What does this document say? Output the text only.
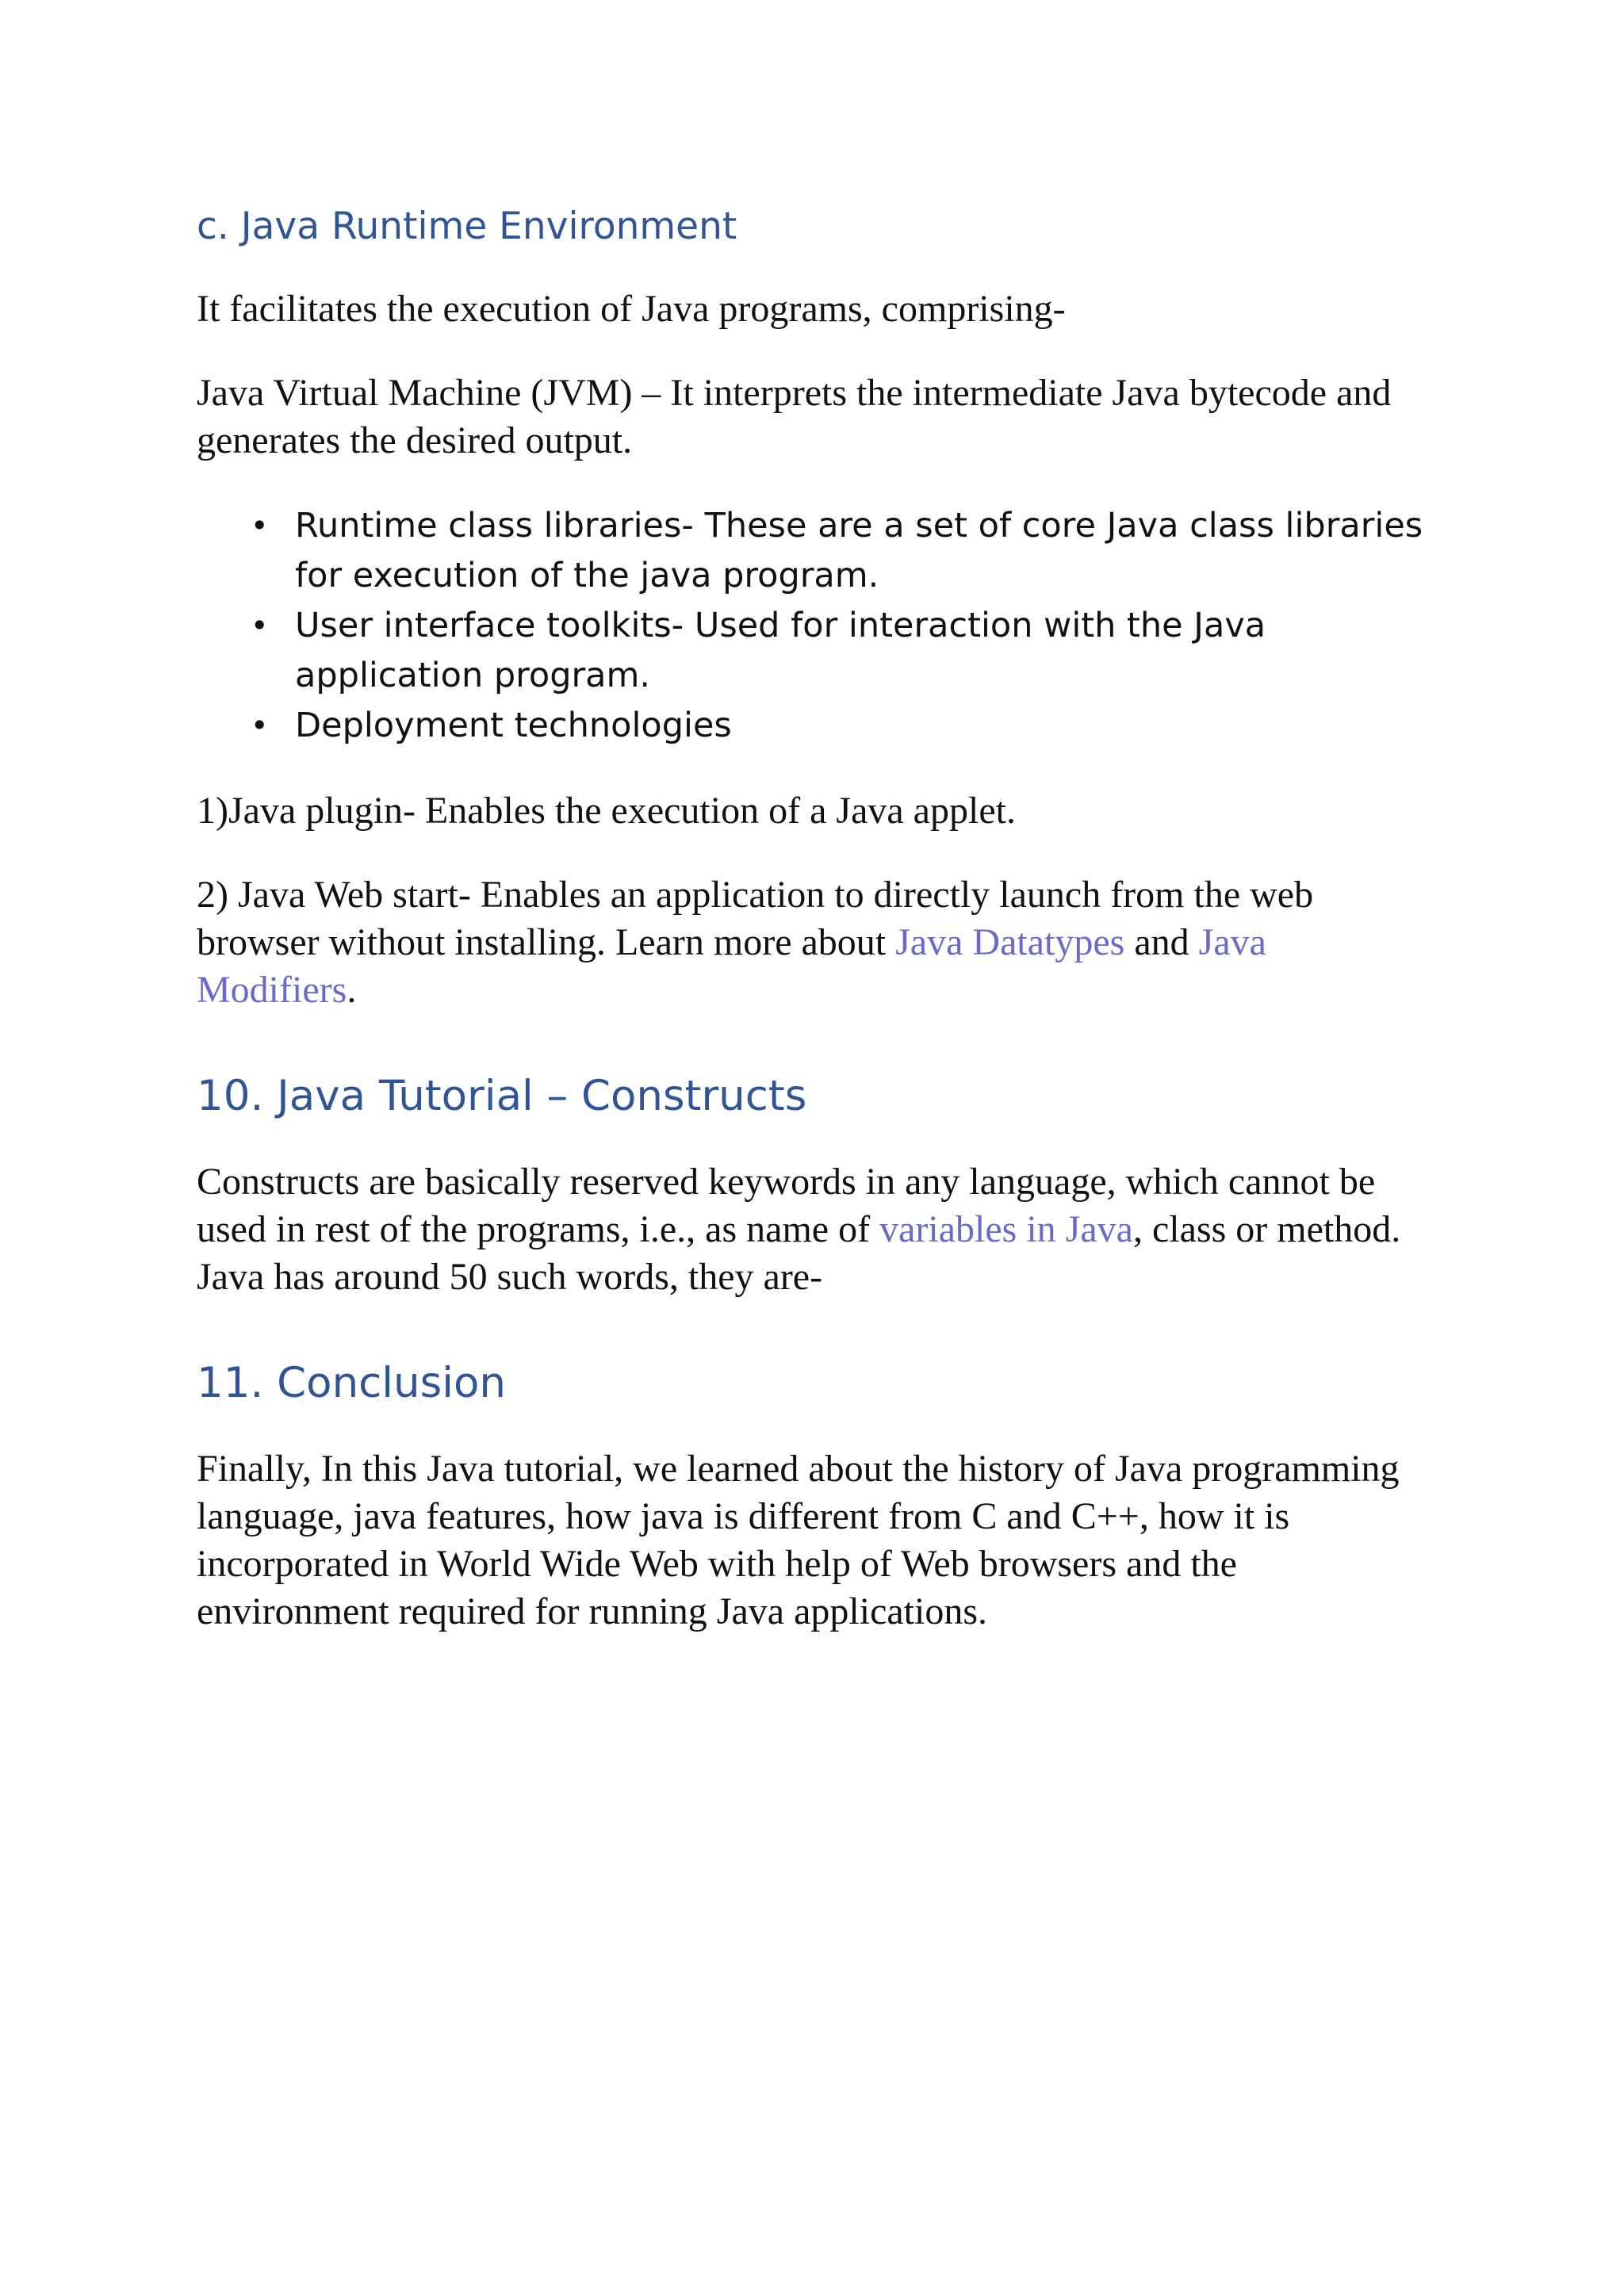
c. Java Runtime Environment

It facilitates the execution of Java programs, comprising-

Java Virtual Machine (JVM) – It interprets the intermediate Java bytecode and generates the desired output.

• Runtime class libraries- These are a set of core Java class libraries for execution of the java program.
• User interface toolkits- Used for interaction with the Java application program.
• Deployment technologies

1)Java plugin- Enables the execution of a Java applet.

2) Java Web start- Enables an application to directly launch from the web browser without installing. Learn more about Java Datatypes and Java Modifiers.

10. Java Tutorial – Constructs

Constructs are basically reserved keywords in any language, which cannot be used in rest of the programs, i.e., as name of variables in Java, class or method. Java has around 50 such words, they are-

11. Conclusion

Finally, In this Java tutorial, we learned about the history of Java programming language, java features, how java is different from C and C++, how it is incorporated in World Wide Web with help of Web browsers and the environment required for running Java applications.
